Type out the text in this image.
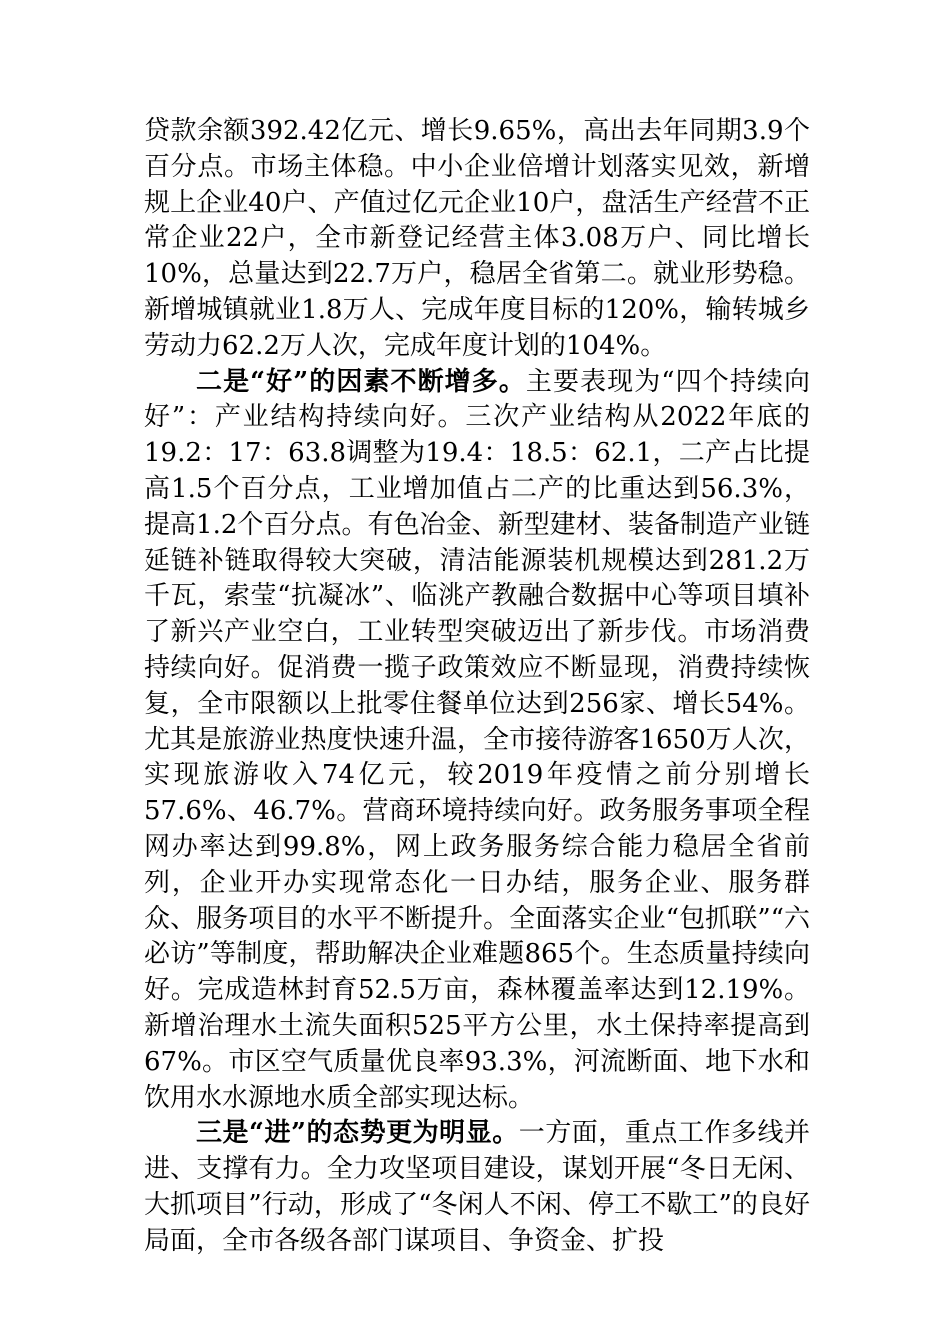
贷款余额392.42亿元、增长9.65%，高出去年同期3.9个百分点。市场主体稳。中小企业倍增计划落实见效，新增规上企业40户、产值过亿元企业10户，盘活生产经营不正常企业22户，全市新登记经营主体3.08万户、同比增长10%，总量达到22.7万户，稳居全省第二。就业形势稳。新增城镇就业1.8万人、完成年度目标的120%，输转城乡劳动力62.2万人次，完成年度计划的104%。

二是“好”的因素不断增多。主要表现为“四个持续向好”：产业结构持续向好。三次产业结构从2022年底的19.2：17：63.8调整为19.4：18.5：62.1，二产占比提高1.5个百分点，工业增加值占二产的比重达到56.3%，提高1.2个百分点。有色冶金、新型建材、装备制造产业链延链补链取得较大突破，清洁能源装机规模达到281.2万千瓦，索莹“抗凝冰”、临洮产教融合数据中心等项目填补了新兴产业空白，工业转型突破迈出了新步伐。市场消费持续向好。促消费一揽子政策效应不断显现，消费持续恢复，全市限额以上批零住餐单位达到256家、增长54%。尤其是旅游业热度快速升温，全市接待游客1650万人次，实现旅游收入74亿元，较2019年疫情之前分别增长57.6%、46.7%。营商环境持续向好。政务服务事项全程网办率达到99.8%，网上政务服务综合能力稳居全省前列，企业开办实现常态化一日办结，服务企业、服务群众、服务项目的水平不断提升。全面落实企业“包抓联”“六必访”等制度，帮助解决企业难题865个。生态质量持续向好。完成造林封育52.5万亩，森林覆盖率达到12.19%。新增治理水土流失面积525平方公里，水土保持率提高到67%。市区空气质量优良率93.3%，河流断面、地下水和饮用水水源地水质全部实现达标。

三是“进”的态势更为明显。一方面，重点工作多线并进、支撑有力。全力攻坚项目建设，谋划开展“冬日无闲、大抓项目”行动，形成了“冬闲人不闲、停工不歇工”的良好局面，全市各级各部门谋项目、争资金、扩投
